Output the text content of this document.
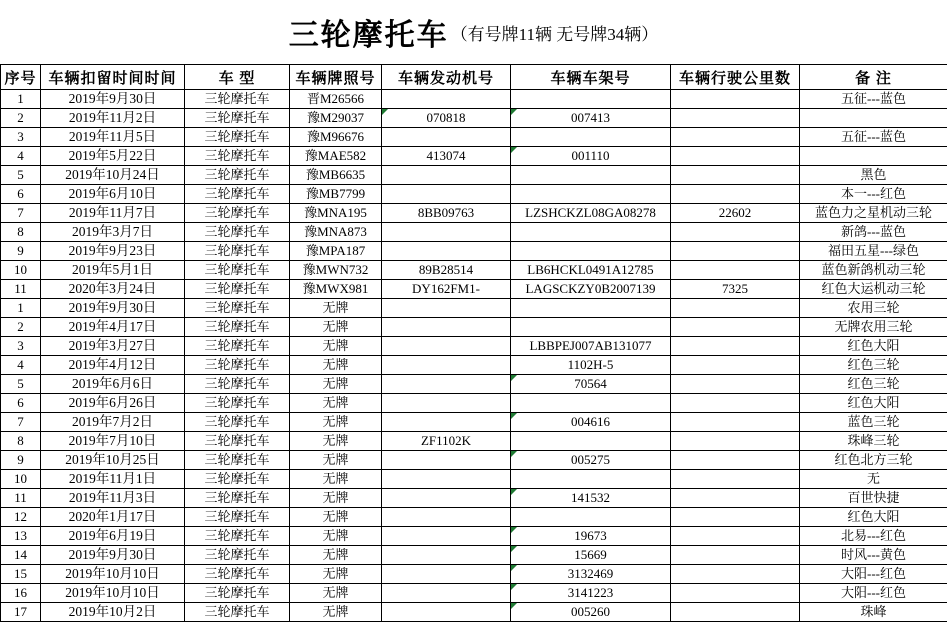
三轮摩托车 （有号牌11辆 无号牌34辆）
序号	车辆扣留时间时间	车 型	车辆牌照号	车辆发动机号	车辆车架号	车辆行驶公里数	备 注
1	2019年9月30日	三轮摩托车	晋M26566				五征---蓝色
2	2019年11月2日	三轮摩托车	豫M29037	070818	007413

3	2019年11月5日	三轮摩托车	豫M96676				五征---蓝色
4	2019年5月22日	三轮摩托车	豫MAE582	413074	001110

5	2019年10月24日	三轮摩托车	豫MB6635				黑色
6	2019年6月10日	三轮摩托车	豫MB7799				本一---红色
7	2019年11月7日	三轮摩托车	豫MNA195	8BB09763	LZSHCKZL08GA08278	22602	蓝色力之星机动三轮
8	2019年3月7日	三轮摩托车	豫MNA873				新鸽---蓝色
9	2019年9月23日	三轮摩托车	豫MPA187				福田五星---绿色
10	2019年5月1日	三轮摩托车	豫MWN732	89B28514	LB6HCKL0491A12785		蓝色新鸽机动三轮
11	2020年3月24日	三轮摩托车	豫MWX981	DY162FM1-	LAGSCKZY0B2007139	7325	红色大运机动三轮
1	2019年9月30日	三轮摩托车	无牌				农用三轮
2	2019年4月17日	三轮摩托车	无牌				无牌农用三轮
3	2019年3月27日	三轮摩托车	无牌		LBBPEJ007AB131077		红色大阳
4	2019年4月12日	三轮摩托车	无牌		1102H-5		红色三轮
5	2019年6月6日	三轮摩托车	无牌		70564		红色三轮
6	2019年6月26日	三轮摩托车	无牌				红色大阳
7	2019年7月2日	三轮摩托车	无牌		004616		蓝色三轮
8	2019年7月10日	三轮摩托车	无牌	ZF1102K			珠峰三轮
9	2019年10月25日	三轮摩托车	无牌		005275		红色北方三轮
10	2019年11月1日	三轮摩托车	无牌				无
11	2019年11月3日	三轮摩托车	无牌		141532		百世快捷
12	2020年1月17日	三轮摩托车	无牌				红色大阳
13	2019年6月19日	三轮摩托车	无牌		19673		北易---红色
14	2019年9月30日	三轮摩托车	无牌		15669		时风---黄色
15	2019年10月10日	三轮摩托车	无牌		3132469		大阳---红色
16	2019年10月10日	三轮摩托车	无牌		3141223		大阳---红色
17	2019年10月2日	三轮摩托车	无牌		005260		珠峰
